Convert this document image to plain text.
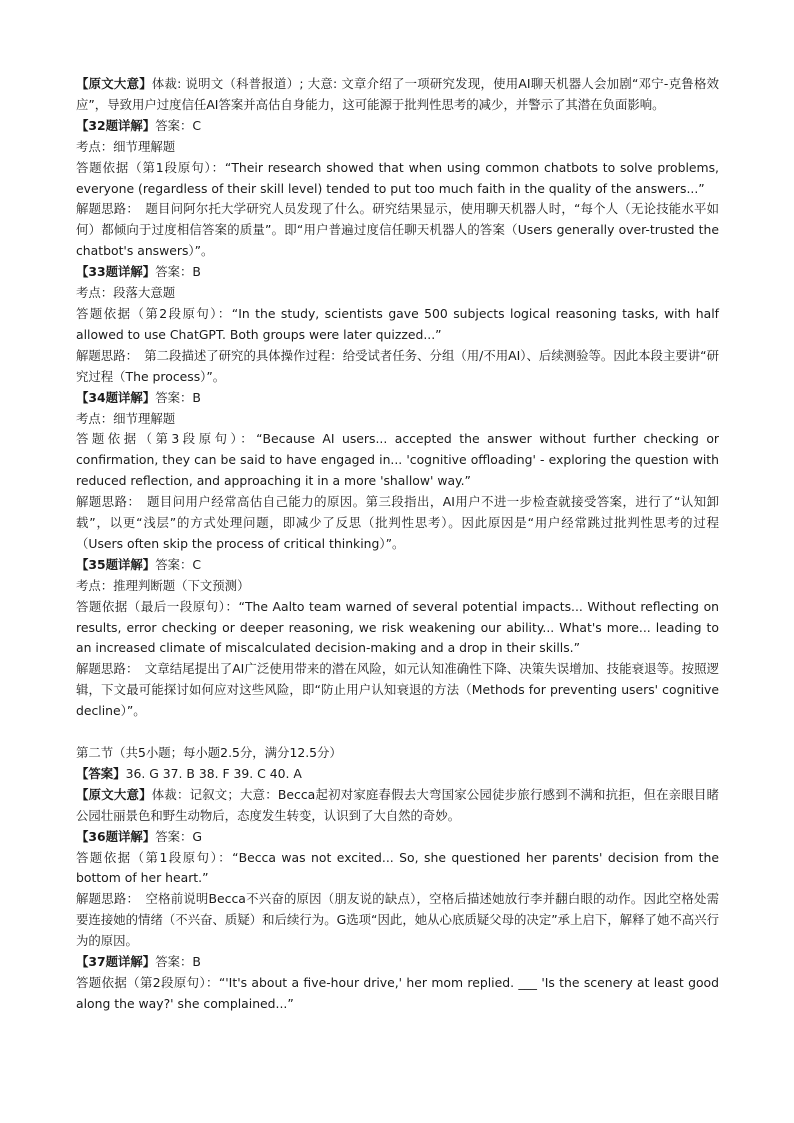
【原文大意】体裁: 说明文（科普报道）; 大意: 文章介绍了一项研究发现，使用AI聊天机器人会加剧“邓宁-克鲁格效应”，导致用户过度信任AI答案并高估自身能力，这可能源于批判性思考的减少，并警示了其潜在负面影响。

【32题详解】答案：C

考点：细节理解题

答题依据（第1段原句）：“Their research showed that when using common chatbots to solve problems, everyone (regardless of their skill level) tended to put too much faith in the quality of the answers...”

解题思路：　题目问阿尔托大学研究人员发现了什么。研究结果显示，使用聊天机器人时，“每个人（无论技能水平如何）都倾向于过度相信答案的质量”。即“用户普遍过度信任聊天机器人的答案（Users generally over-trusted the chatbot's answers）”。

【33题详解】答案：B

考点：段落大意题

答题依据（第2段原句）：“In the study, scientists gave 500 subjects logical reasoning tasks, with half allowed to use ChatGPT. Both groups were later quizzed...”

解题思路：　第二段描述了研究的具体操作过程：给受试者任务、分组（用/不用AI）、后续测验等。因此本段主要讲“研究过程（The process）”。

【34题详解】答案：B

考点：细节理解题

答题依据（第3段原句）：“Because AI users... accepted the answer without further checking or confirmation, they can be said to have engaged in... 'cognitive offloading' - exploring the question with reduced reflection, and approaching it in a more 'shallow' way.”

解题思路：　题目问用户经常高估自己能力的原因。第三段指出，AI用户不进一步检查就接受答案，进行了“认知卸载”，以更“浅层”的方式处理问题，即减少了反思（批判性思考）。因此原因是“用户经常跳过批判性思考的过程（Users often skip the process of critical thinking）”。

【35题详解】答案：C

考点：推理判断题（下文预测）

答题依据（最后一段原句）：“The Aalto team warned of several potential impacts... Without reflecting on results, error checking or deeper reasoning, we risk weakening our ability... What's more... leading to an increased climate of miscalculated decision-making and a drop in their skills.”

解题思路：　文章结尾提出了AI广泛使用带来的潜在风险，如元认知准确性下降、决策失误增加、技能衰退等。按照逻辑，下文最可能探讨如何应对这些风险，即“防止用户认知衰退的方法（Methods for preventing users' cognitive decline）”。

第二节（共5小题；每小题2.5分，满分12.5分）

【答案】36. G 37. B 38. F 39. C 40. A

【原文大意】体裁：记叙文；大意：Becca起初对家庭春假去大弯国家公园徒步旅行感到不满和抗拒，但在亲眼目睹公园壮丽景色和野生动物后，态度发生转变，认识到了大自然的奇妙。

【36题详解】答案：G

答题依据（第1段原句）：“Becca was not excited... So, she questioned her parents' decision from the bottom of her heart.”

解题思路：　空格前说明Becca不兴奋的原因（朋友说的缺点），空格后描述她放行李并翻白眼的动作。因此空格处需要连接她的情绪（不兴奋、质疑）和后续行为。G选项“因此，她从心底质疑父母的决定”承上启下，解释了她不高兴行为的原因。

【37题详解】答案：B

答题依据（第2段原句）：“'It's about a five-hour drive,' her mom replied. ___ 'Is the scenery at least good along the way?' she complained...”
